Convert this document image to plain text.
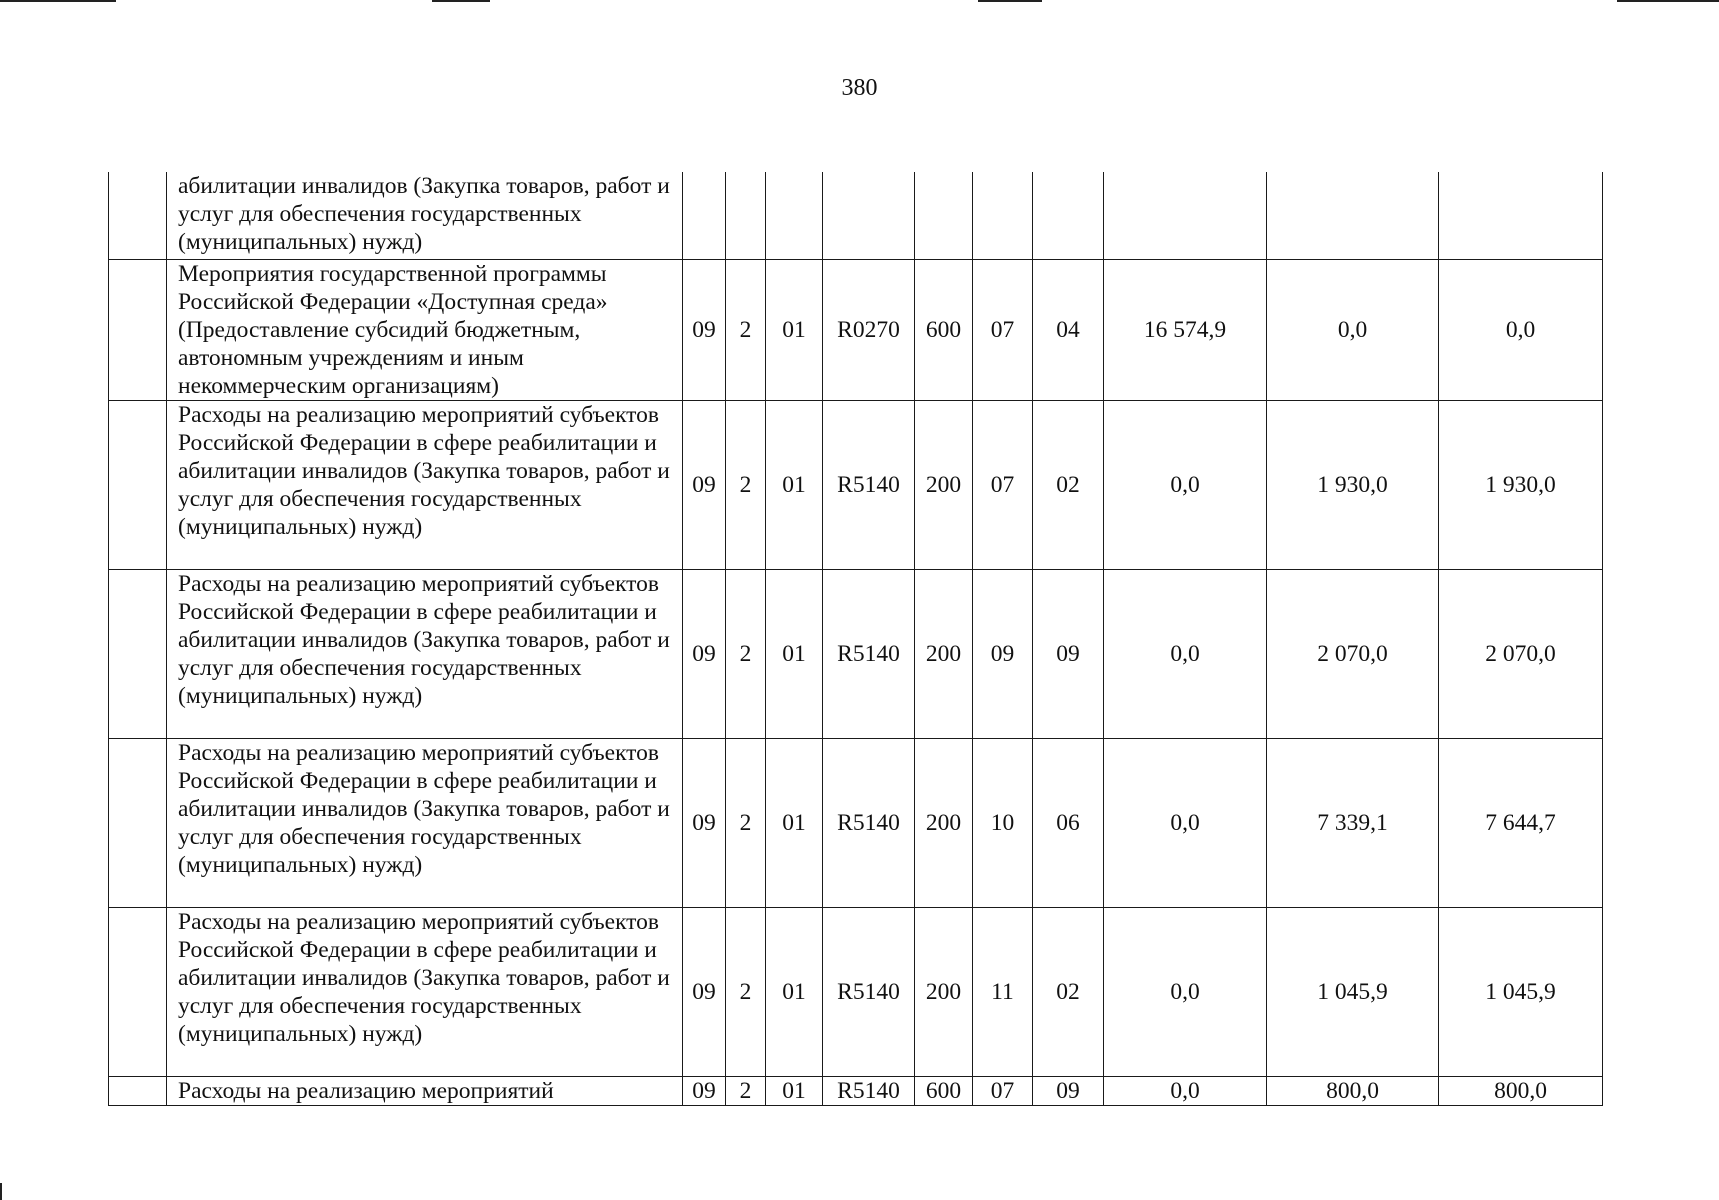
380
	абилитации инвалидов (Закупка товаров, работ и услуг для обеспечения государственных (муниципальных) нужд)										
	Мероприятия государственной программы Российской Федерации «Доступная среда» (Предоставление субсидий бюджетным, автономным учреждениям и иным некоммерческим организациям)	09	2	01	R0270	600	07	04	16 574,9	0,0	0,0
	Расходы на реализацию мероприятий субъектов Российской Федерации в сфере реабилитации и абилитации инвалидов (Закупка товаров, работ и услуг для обеспечения государственных (муниципальных) нужд)	09	2	01	R5140	200	07	02	0,0	1 930,0	1 930,0
	Расходы на реализацию мероприятий субъектов Российской Федерации в сфере реабилитации и абилитации инвалидов (Закупка товаров, работ и услуг для обеспечения государственных (муниципальных) нужд)	09	2	01	R5140	200	09	09	0,0	2 070,0	2 070,0
	Расходы на реализацию мероприятий субъектов Российской Федерации в сфере реабилитации и абилитации инвалидов (Закупка товаров, работ и услуг для обеспечения государственных (муниципальных) нужд)	09	2	01	R5140	200	10	06	0,0	7 339,1	7 644,7
	Расходы на реализацию мероприятий субъектов Российской Федерации в сфере реабилитации и абилитации инвалидов (Закупка товаров, работ и услуг для обеспечения государственных (муниципальных) нужд)	09	2	01	R5140	200	11	02	0,0	1 045,9	1 045,9
	Расходы на реализацию мероприятий	09	2	01	R5140	600	07	09	0,0	800,0	800,0
